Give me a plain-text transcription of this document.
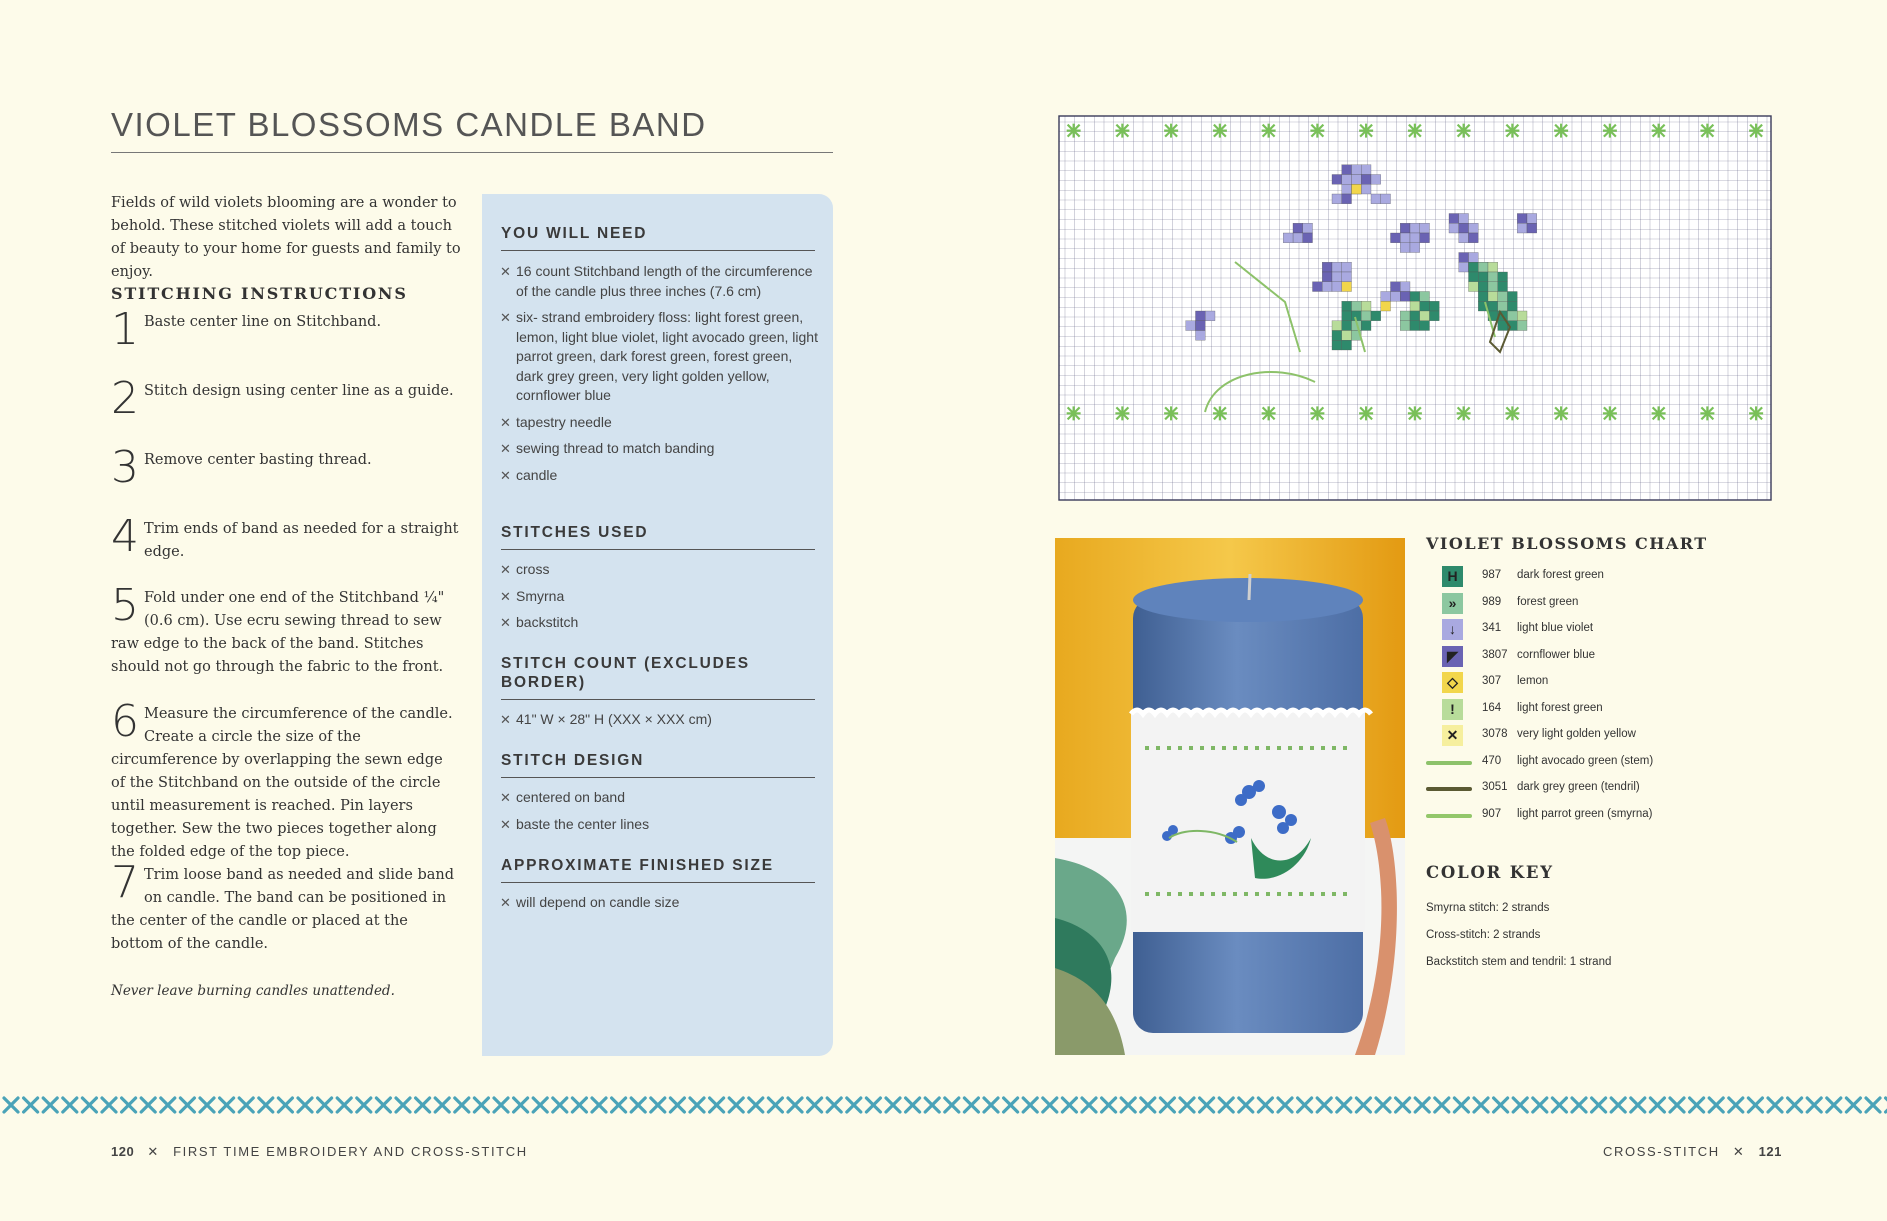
VIOLET BLOSSOMS CANDLE BAND
Fields of wild violets blooming are a wonder to behold. These stitched violets will add a touch of beauty to your home for guests and family to enjoy.
STITCHING INSTRUCTIONS
1 Baste center line on Stitchband.
2 Stitch design using center line as a guide.
3 Remove center basting thread.
4 Trim ends of band as needed for a straight edge.
5 Fold under one end of the Stitchband ¼" (0.6 cm). Use ecru sewing thread to sew raw edge to the back of the band. Stitches should not go through the fabric to the front.
6 Measure the circumference of the candle. Create a circle the size of the circumference by overlapping the sewn edge of the Stitchband on the outside of the circle until measurement is reached. Pin layers together. Sew the two pieces together along the folded edge of the top piece.
7 Trim loose band as needed and slide band on candle. The band can be positioned in the center of the candle or placed at the bottom of the candle.
Never leave burning candles unattended.
YOU WILL NEED
✕ 16 count Stitchband length of the circumference of the candle plus three inches (7.6 cm)
✕ six- strand embroidery floss: light forest green, lemon, light blue violet, light avocado green, light parrot green, dark forest green, forest green, dark grey green, very light golden yellow, cornflower blue
✕ tapestry needle
✕ sewing thread to match banding
✕ candle
STITCHES USED
✕ cross
✕ Smyrna
✕ backstitch
STITCH COUNT (EXCLUDES BORDER)
✕ 41" W × 28" H (XXX × XXX cm)
STITCH DESIGN
✕ centered on band
✕ baste the center lines
APPROXIMATE FINISHED SIZE
✕ will depend on candle size
VIOLET BLOSSOMS CHART
H	987 dark forest green
»	989 forest green
↓	341 light blue violet
◤	3807 cornflower blue
◇	307 lemon
!	164 light forest green
✕	3078 very light golden yellow
470 light avocado green (stem)
3051 dark grey green (tendril)
907 light parrot green (smyrna)
COLOR KEY
Smyrna stitch: 2 strands
Cross-stitch: 2 strands
Backstitch stem and tendril: 1 strand
120 ✕ FIRST TIME EMBROIDERY AND CROSS-STITCH	CROSS-STITCH ✕ 121
